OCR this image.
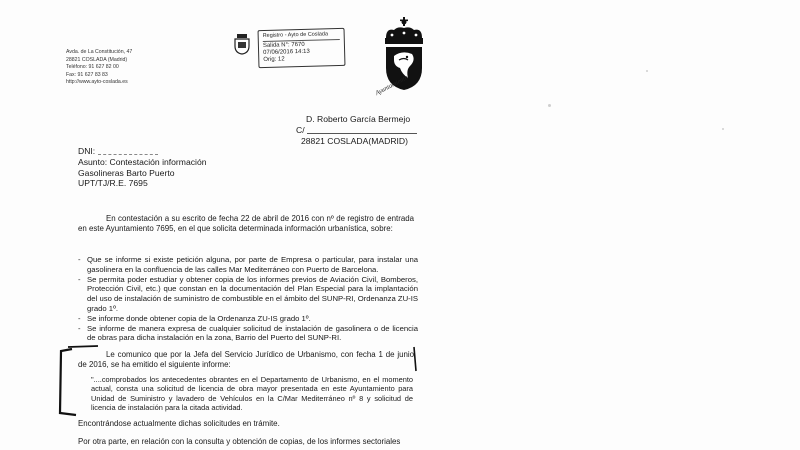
Avda. de La Constitución, 47
28821 COSLADA (Madrid)
Teléfono: 91 627 82 00
Fax: 91 627 83 83
http://www.ayto-coslada.es
Registro - Ayto de Coslada
Salida N°: 7670
07/06/2016 14:13
Orig: 12
Ayuntamiento
D. Roberto García Bermejo
C/
28821 COSLADA(MADRID)
DNI:
Asunto: Contestación información
Gasolineras Barto Puerto
UPT/TJ/R.E. 7695
En contestación a su escrito de fecha 22 de abril de 2016 con nº de registro de entrada en este Ayuntamiento 7695, en el que solicita determinada información urbanística, sobre:
- Que se informe si existe petición alguna, por parte de Empresa o particular, para instalar una gasolinera en la confluencia de las calles Mar Mediterráneo con Puerto de Barcelona.
- Se permita poder estudiar y obtener copia de los informes previos de Aviación Civil, Bomberos, Protección Civil, etc.) que constan en la documentación del Plan Especial para la implantación del uso de instalación de suministro de combustible en el ámbito del SUNP-RI, Ordenanza ZU-IS grado 1º.
- Se informe donde obtener copia de la Ordenanza ZU-IS grado 1º.
- Se informe de manera expresa de cualquier solicitud de instalación de gasolinera o de licencia de obras para dicha instalación en la zona, Barrio del Puerto del SUNP-RI.
Le comunico que por la Jefa del Servicio Jurídico de Urbanismo, con fecha 1 de junio de 2016, se ha emitido el siguiente informe:
"....comprobados los antecedentes obrantes en el Departamento de Urbanismo, en el momento actual, consta una solicitud de licencia de obra mayor presentada en este Ayuntamiento para Unidad de Suministro y lavadero de Vehículos en la C/Mar Mediterráneo nº 8 y solicitud de licencia de instalación para la citada actividad.
Encontrándose actualmente dichas solicitudes en trámite.
Por otra parte, en relación con la consulta y obtención de copias, de los informes sectoriales
